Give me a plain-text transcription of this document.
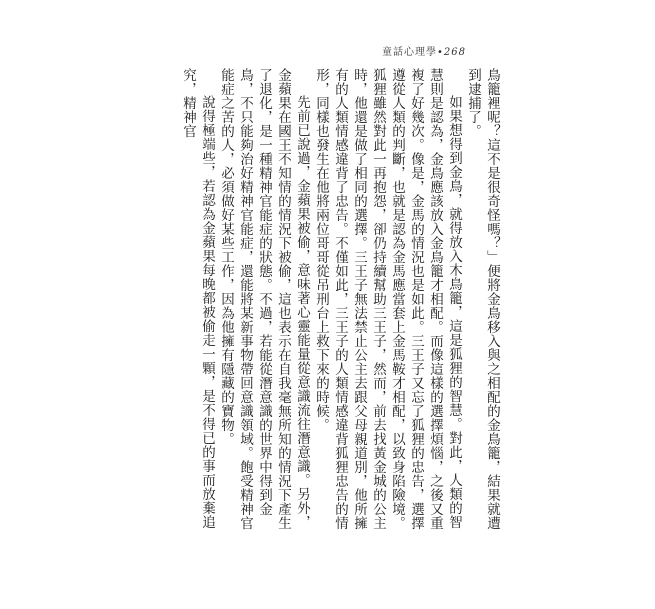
童話心理學•268

鳥籠裡呢？這不是很奇怪嗎？」便將金鳥移入與之相配的金鳥籠，結果就遭到逮捕了。

如果想得到金鳥，就得放入木鳥籠，這是狐狸的智慧。對此，人類的智慧則是認為，金鳥應該放入金鳥籠才相配。而像這樣的選擇煩惱，之後又重複了好幾次。像是，金馬的情況也是如此。三王子又忘了狐狸的忠告，選擇遵從人類的判斷，也就是認為金馬應當套上金馬鞍才相配，以致身陷險境。狐狸雖然對此一再抱怨，卻仍持續幫助三王子，然而，前去找黃金城的公主時，他還是做了相同的選擇。三王子無法禁止公主去跟父母親道別，他所擁有的人類情感違背了忠告。不僅如此，三王子的人類情感違背狐狸忠告的情形，同樣也發生在他將兩位哥哥從吊刑台上救下來的時候。

先前已說過，金蘋果被偷，意味著心靈能量從意識流往潛意識。另外，金蘋果在國王不知情的情況下被偷，這也表示在自我毫無所知的情況下產生了退化，是一種精神官能症的狀態。不過，若能從潛意識的世界中得到金鳥，不只能夠治好精神官能症，還能將某新事物帶回意識領域。飽受精神官能症之苦的人，必須做好某些工作，因為他擁有隱藏的寶物。

說得極端些，若認為金蘋果每晚都被偷走一顆，是不得已的事而放棄追究，精神官
